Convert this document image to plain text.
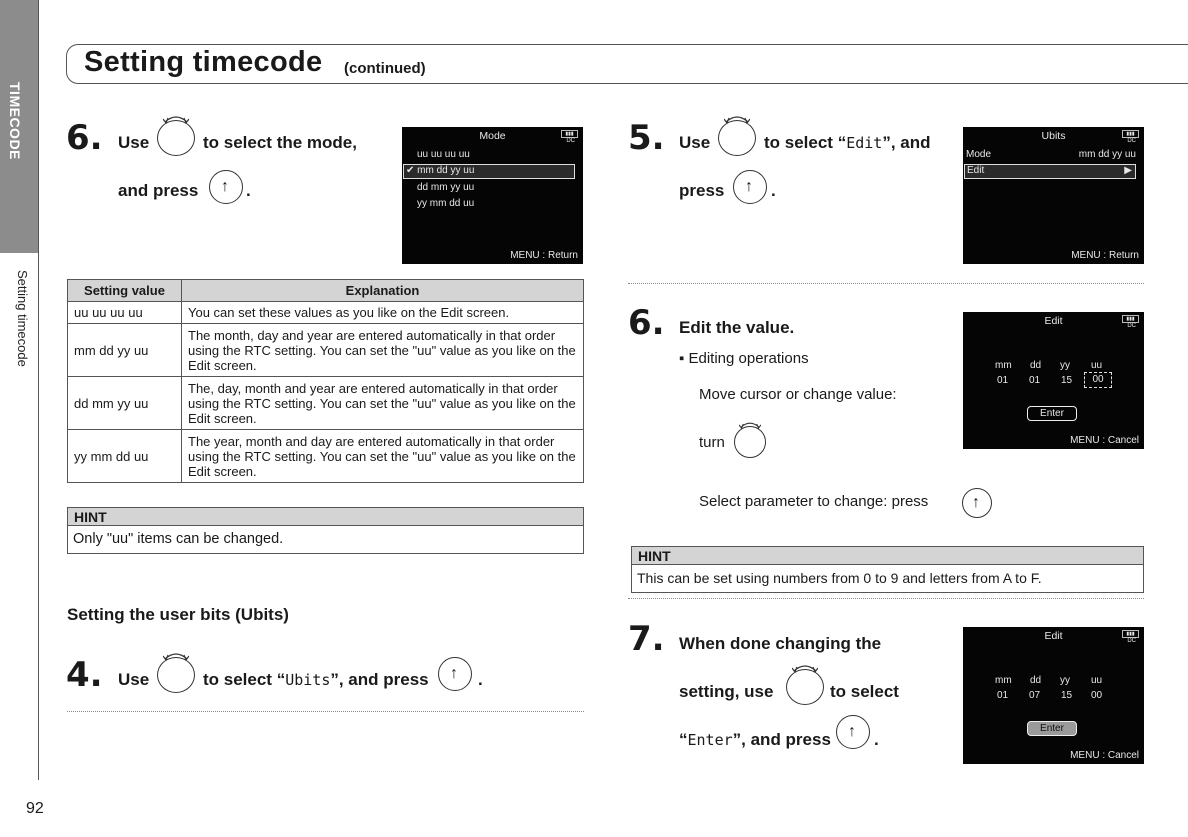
TIMECODE
Setting timecode
92
Setting timecode (continued)
6. Use	to select the mode,
and press ↑ .
Mode	▮▮▮
DC
uu uu uu uu
✔ mm dd yy uu
dd mm yy uu
yy mm dd uu
MENU : Return
Setting value	Explanation
uu uu uu uu	You can set these values as you like on the Edit screen.
mm dd yy uu	The month, day and year are entered automatically in that order using the RTC setting. You can set the "uu" value as you like on the Edit screen.
dd mm yy uu	The, day, month and year are entered automatically in that order using the RTC setting. You can set the "uu" value as you like on the Edit screen.
yy mm dd uu	The year, month and day are entered automatically in that order using the RTC setting. You can set the "uu" value as you like on the Edit screen.
HINT
Only "uu" items can be changed.
Setting the user bits (Ubits)
4. Use	to select “Ubits”, and press ↑ .
5. Use	to select “Edit”, and
press ↑ .
Ubits	▮▮▮
DC
Mode	mm dd yy uu
Edit	▶
MENU : Return
6. Edit the value.
▪ Editing operations
Move cursor or change value:
turn
Select parameter to change: press	↑
Edit	▮▮▮
DC
mm dd yy uu
01 01 15	00
Enter
MENU : Cancel
HINT
This can be set using numbers from 0 to 9 and letters from A to F.
7. When done changing the
setting, use	to select
“Enter”, and press ↑ .
Edit	▮▮▮
DC
mm dd yy uu
01 07 15 00
Enter
MENU : Cancel
